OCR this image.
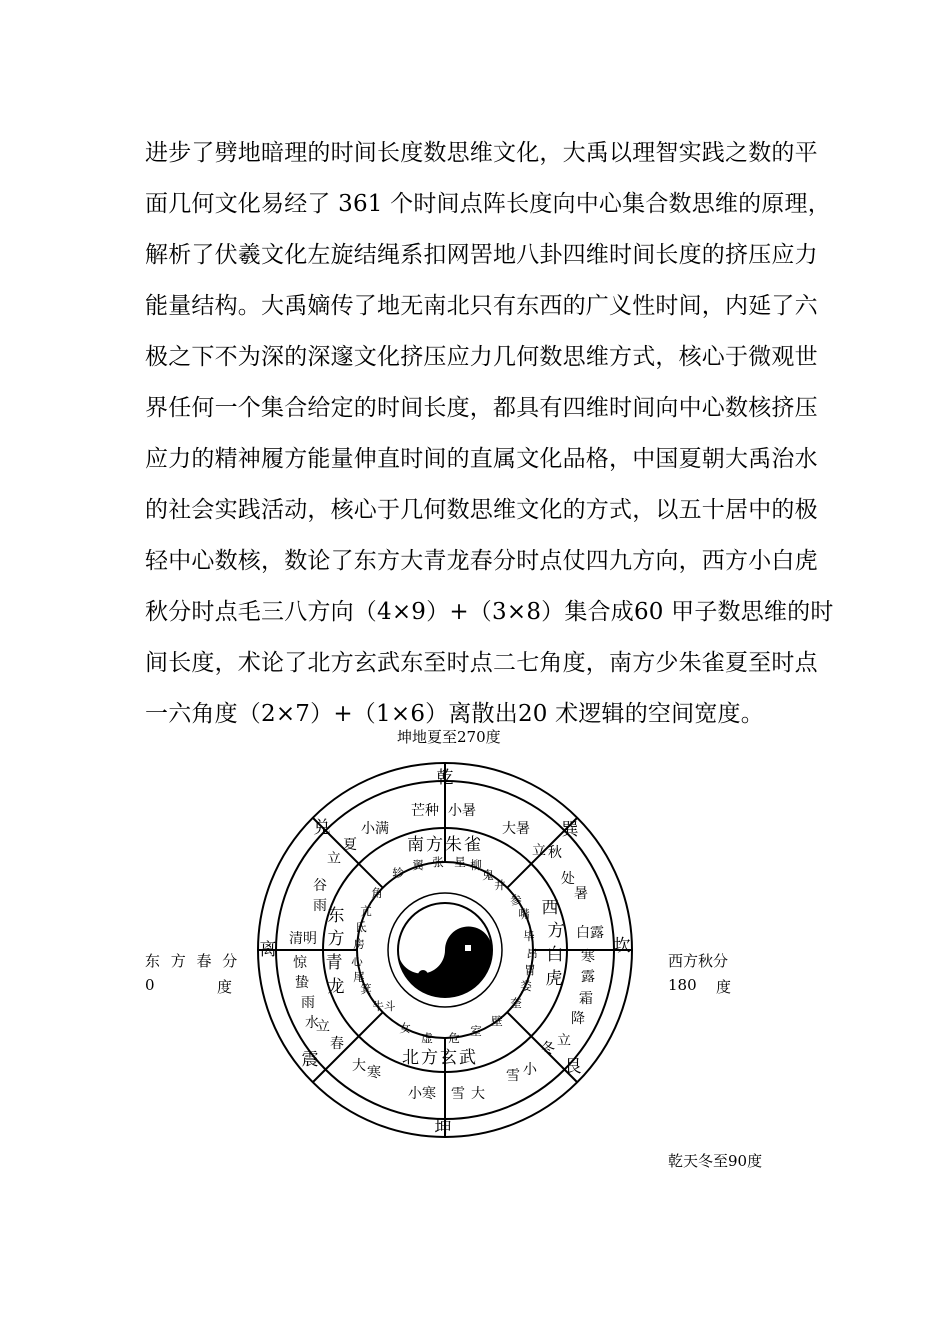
进步了劈地暗理的时间长度数思维文化，大禹以理智实践之数的平
面几何文化易经了 361 个时间点阵长度向中心集合数思维的原理，
解析了伏羲文化左旋结绳系扣网罟地八卦四维时间长度的挤压应力
能量结构。大禹嫡传了地无南北只有东西的广义性时间，内延了六
极之下不为深的深邃文化挤压应力几何数思维方式，核心于微观世
界任何一个集合给定的时间长度，都具有四维时间向中心数核挤压
应力的精神履方能量伸直时间的直属文化品格，中国夏朝大禹治水
的社会实践活动，核心于几何数思维文化的方式，以五十居中的极
轻中心数核，数论了东方大青龙春分时点仗四九方向，西方小白虎
秋分时点毛三八方向（4×9）+（3×8）集合成60 甲子数思维的时
间长度，术论了北方玄武东至时点二七角度，南方少朱雀夏至时点
一六角度（2×7）+（1×6）离散出20 术逻辑的空间宽度。
坤地夏至270度
东 方 春 分
0	度
西方秋分
180 度
乾天冬至90度
乾
兑	巽
离	坎
震	艮
坤
芒种 小暑
小满	大暑
立
夏	立 秋
谷
雨
处
暑
清明	白露
惊
蛰
寒
露
雨
水
霜
降
立
春	立
冬
大 寒	雪 小
小寒 雪 大
南方朱雀
东
方
青
龙
西
方
白
虎
北方玄武
轸
翼 张 星 柳
鬼
井
角
亢
氐
房
心
尾
箕
参
嘴
毕
昂
胃
娄
奎
牛斗
女
虚 危 室
壁
